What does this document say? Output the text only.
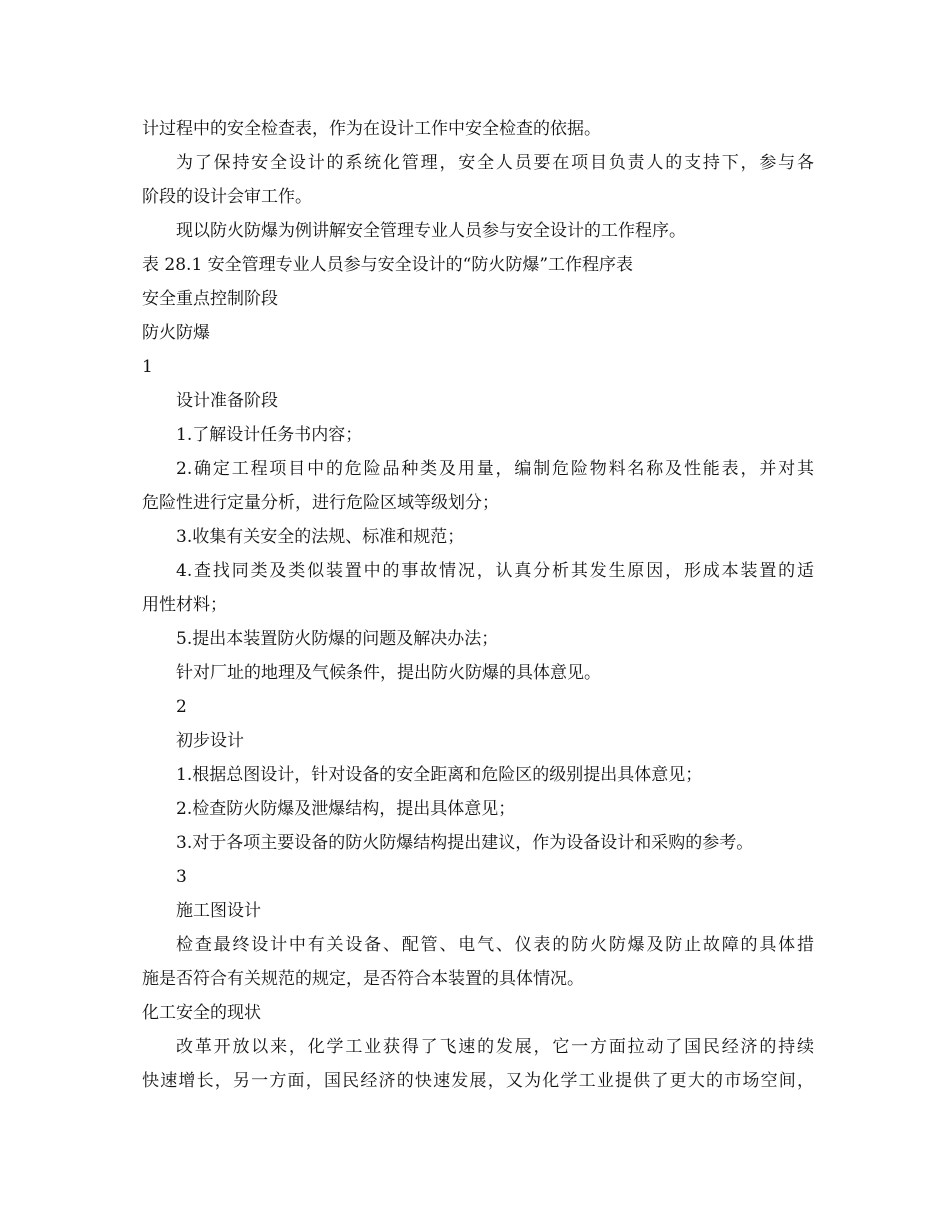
计过程中的安全检查表，作为在设计工作中安全检查的依据。
为了保持安全设计的系统化管理，安全人员要在项目负责人的支持下，参与各
阶段的设计会审工作。
现以防火防爆为例讲解安全管理专业人员参与安全设计的工作程序。
表 28.1 安全管理专业人员参与安全设计的“防火防爆”工作程序表
安全重点控制阶段
防火防爆
1
设计准备阶段
1.了解设计任务书内容；
2.确定工程项目中的危险品种类及用量，编制危险物料名称及性能表，并对其
危险性进行定量分析，进行危险区域等级划分；
3.收集有关安全的法规、标准和规范；
4.查找同类及类似装置中的事故情况，认真分析其发生原因，形成本装置的适
用性材料；
5.提出本装置防火防爆的问题及解决办法；
针对厂址的地理及气候条件，提出防火防爆的具体意见。
2
初步设计
1.根据总图设计，针对设备的安全距离和危险区的级别提出具体意见；
2.检查防火防爆及泄爆结构，提出具体意见；
3.对于各项主要设备的防火防爆结构提出建议，作为设备设计和采购的参考。
3
施工图设计
检查最终设计中有关设备、配管、电气、仪表的防火防爆及防止故障的具体措
施是否符合有关规范的规定，是否符合本装置的具体情况。
化工安全的现状
改革开放以来，化学工业获得了飞速的发展，它一方面拉动了国民经济的持续
快速增长，另一方面，国民经济的快速发展，又为化学工业提供了更大的市场空间，
